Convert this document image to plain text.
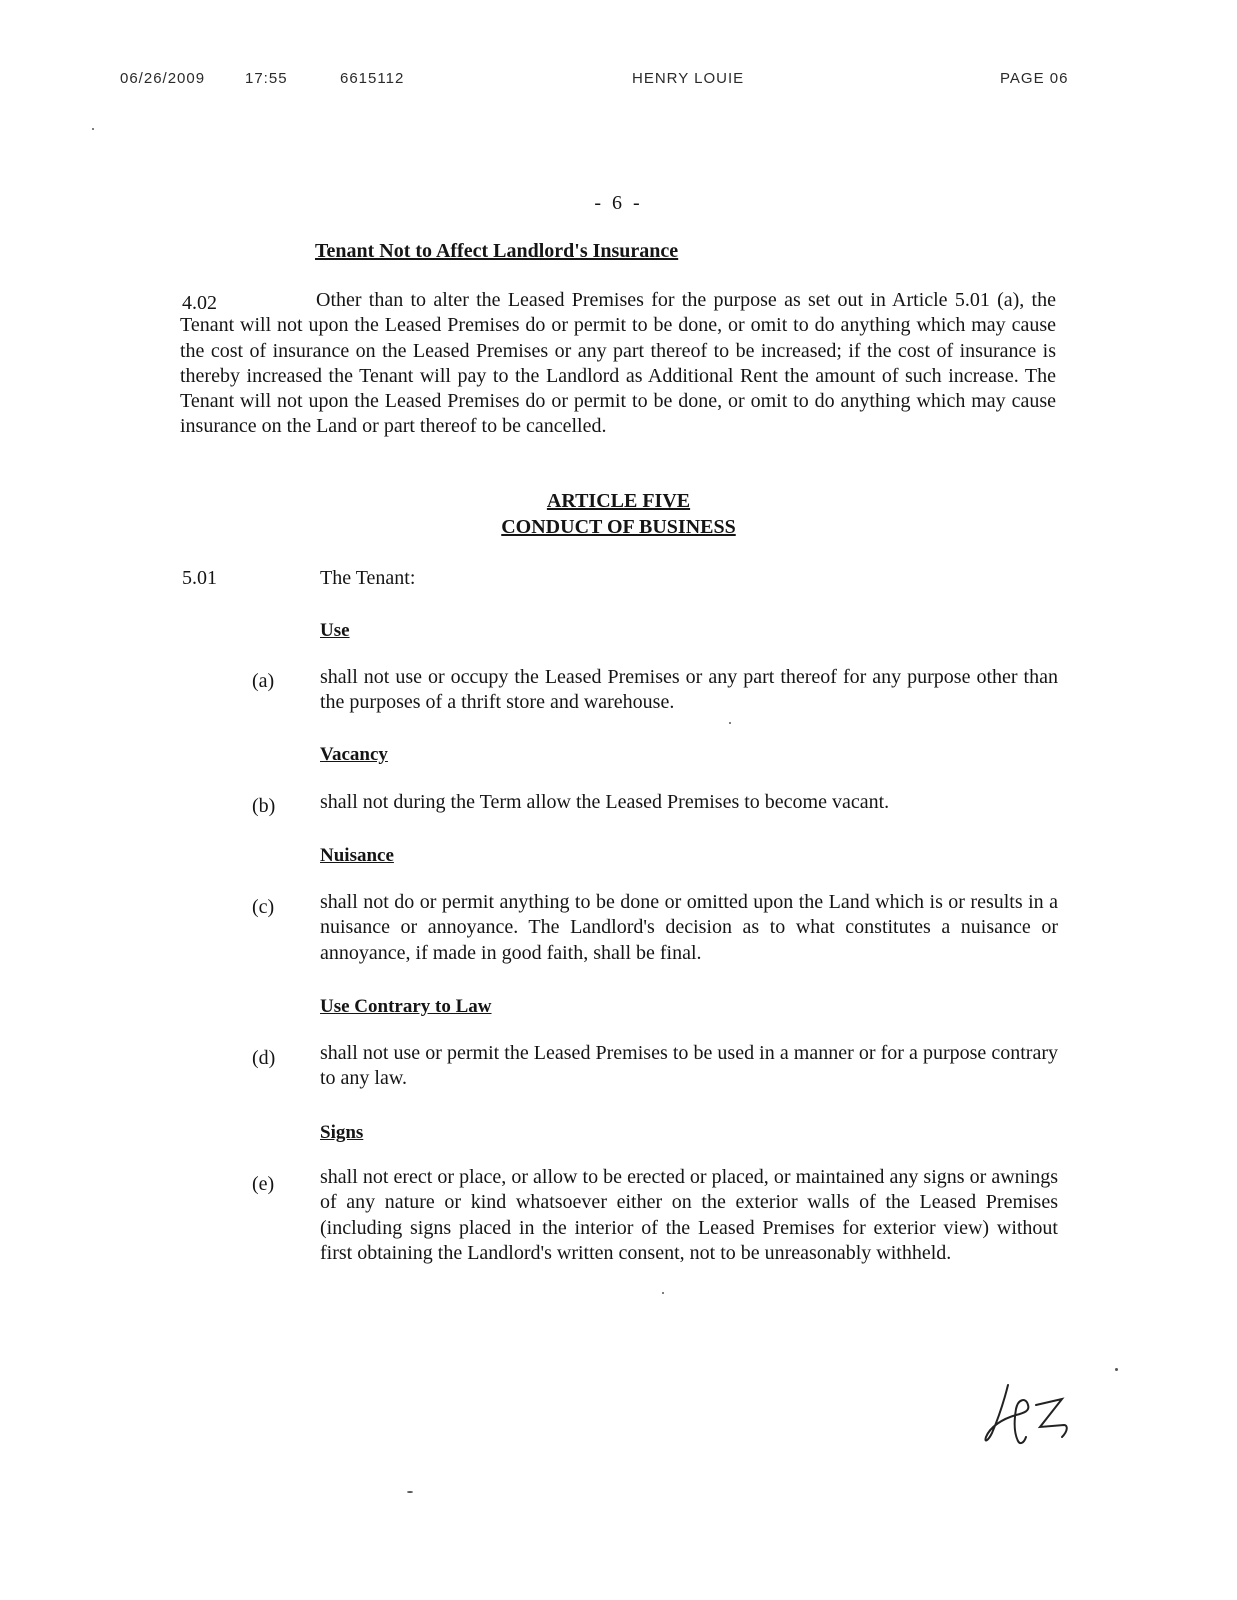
06/26/2009	17:55	6615112	HENRY LOUIE	PAGE 06
- 6 -
Tenant Not to Affect Landlord's Insurance
4.02	Other than to alter the Leased Premises for the purpose as set out in Article 5.01 (a), the Tenant will not upon the Leased Premises do or permit to be done, or omit to do anything which may cause the cost of insurance on the Leased Premises or any part thereof to be increased; if the cost of insurance is thereby increased the Tenant will pay to the Landlord as Additional Rent the amount of such increase. The Tenant will not upon the Leased Premises do or permit to be done, or omit to do anything which may cause insurance on the Land or part thereof to be cancelled.
ARTICLE FIVE
CONDUCT OF BUSINESS
5.01	The Tenant:
Use
(a) shall not use or occupy the Leased Premises or any part thereof for any purpose other than the purposes of a thrift store and warehouse.
Vacancy
(b) shall not during the Term allow the Leased Premises to become vacant.
Nuisance
(c) shall not do or permit anything to be done or omitted upon the Land which is or results in a nuisance or annoyance. The Landlord's decision as to what constitutes a nuisance or annoyance, if made in good faith, shall be final.
Use Contrary to Law
(d) shall not use or permit the Leased Premises to be used in a manner or for a purpose contrary to any law.
Signs
(e) shall not erect or place, or allow to be erected or placed, or maintained any signs or awnings of any nature or kind whatsoever either on the exterior walls of the Leased Premises (including signs placed in the interior of the Leased Premises for exterior view) without first obtaining the Landlord's written consent, not to be unreasonably withheld.
